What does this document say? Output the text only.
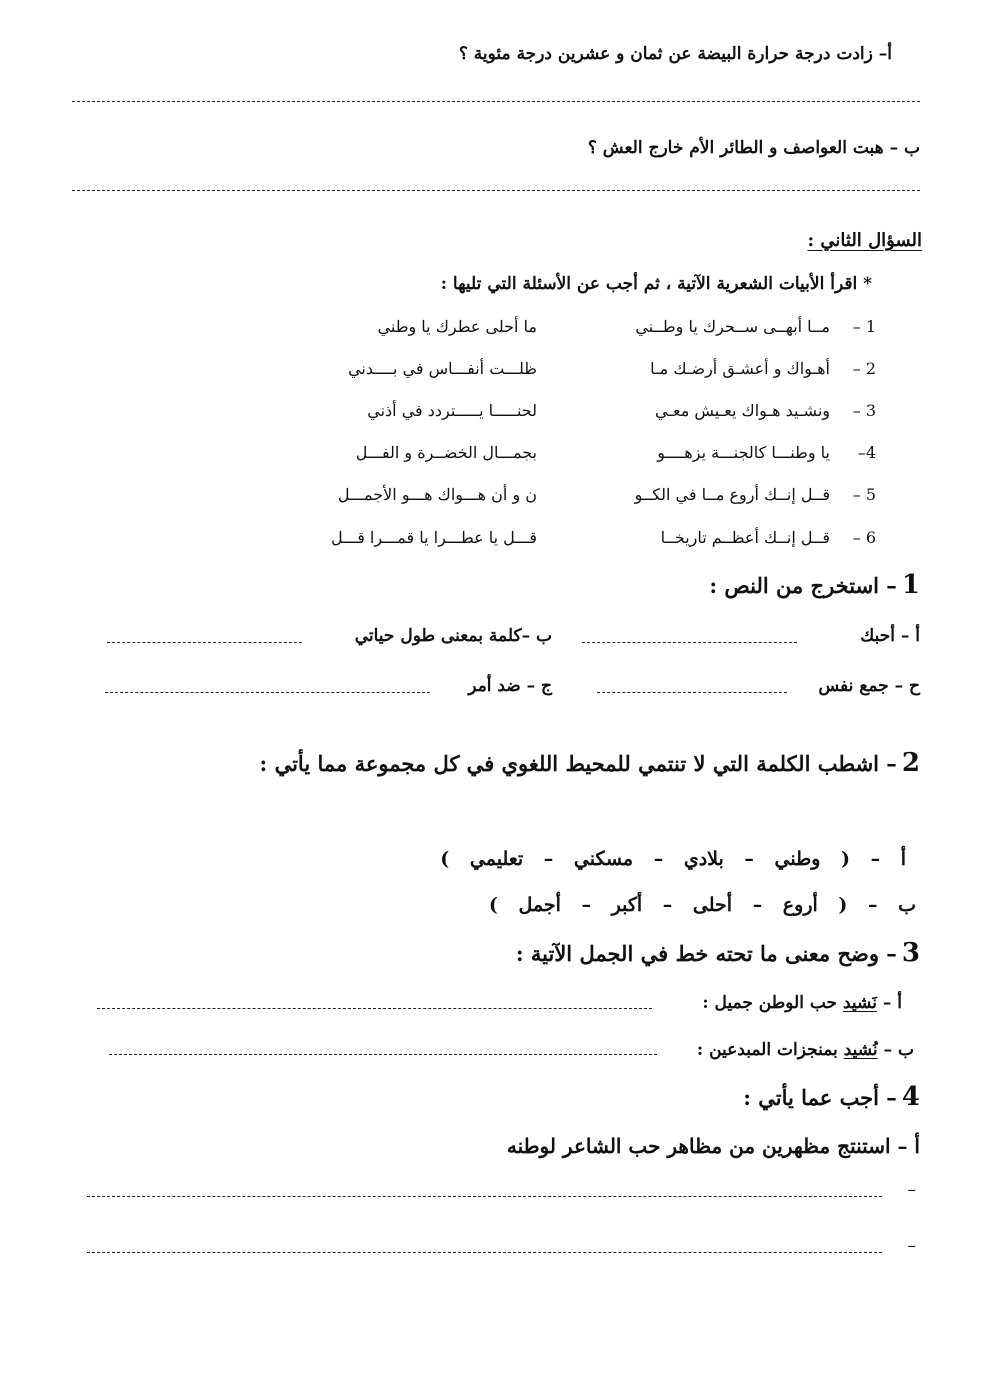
أ– زادت درجة حرارة البيضة عن ثمان و عشرين درجة مئوية ؟
ب – هبت العواصف و الطائر الأم خارج العش ؟
السؤال الثاني :
* اقرأ الأبيات الشعرية الآتية ، ثم أجب عن الأسئلة التي تليها :
1 –
مــا أبهــى ســحرك يا وطــني
ما أحلى عطرك يا وطني
2 –
أهـواك و أعشـق أرضـك مـا
ظلـــت أنفـــاس في بــــدني
3 –
ونشـيد هـواك يعـيش معـي
لحنـــــا يـــــتردد في أذني
4–
يا وطنـــا كالجنـــة يزهــــو
بجمـــال الخضــرة و الفـــل
5 –
قــل إنــك أروع مــا في الكــو
ن و أن هـــواك هـــو الأجمـــل
6 –
قــل إنــك أعظــم تاريخــا
قـــل يا عطـــرا يا قمـــرا قـــل
1 – استخرج من النص :
أ – أحبك
ب –كلمة بمعنى طول حياتي
ح – جمع نفس
ج – ضد أمر
2 – اشطب الكلمة التي لا تنتمي للمحيط اللغوي في كل مجموعة مما يأتي :
أ – ( وطني – بلادي – مسكني – تعليمي )
ب – ( أروع – أحلى – أكبر – أجمل )
3 – وضح معنى ما تحته خط في الجمل الآتية :
أ – نَشيد حب الوطن جميل :
ب – نُشيد بمنجزات المبدعين :
4 – أجب عما يأتي :
أ – استنتج مظهرين من مظاهر حب الشاعر لوطنه
–
–
